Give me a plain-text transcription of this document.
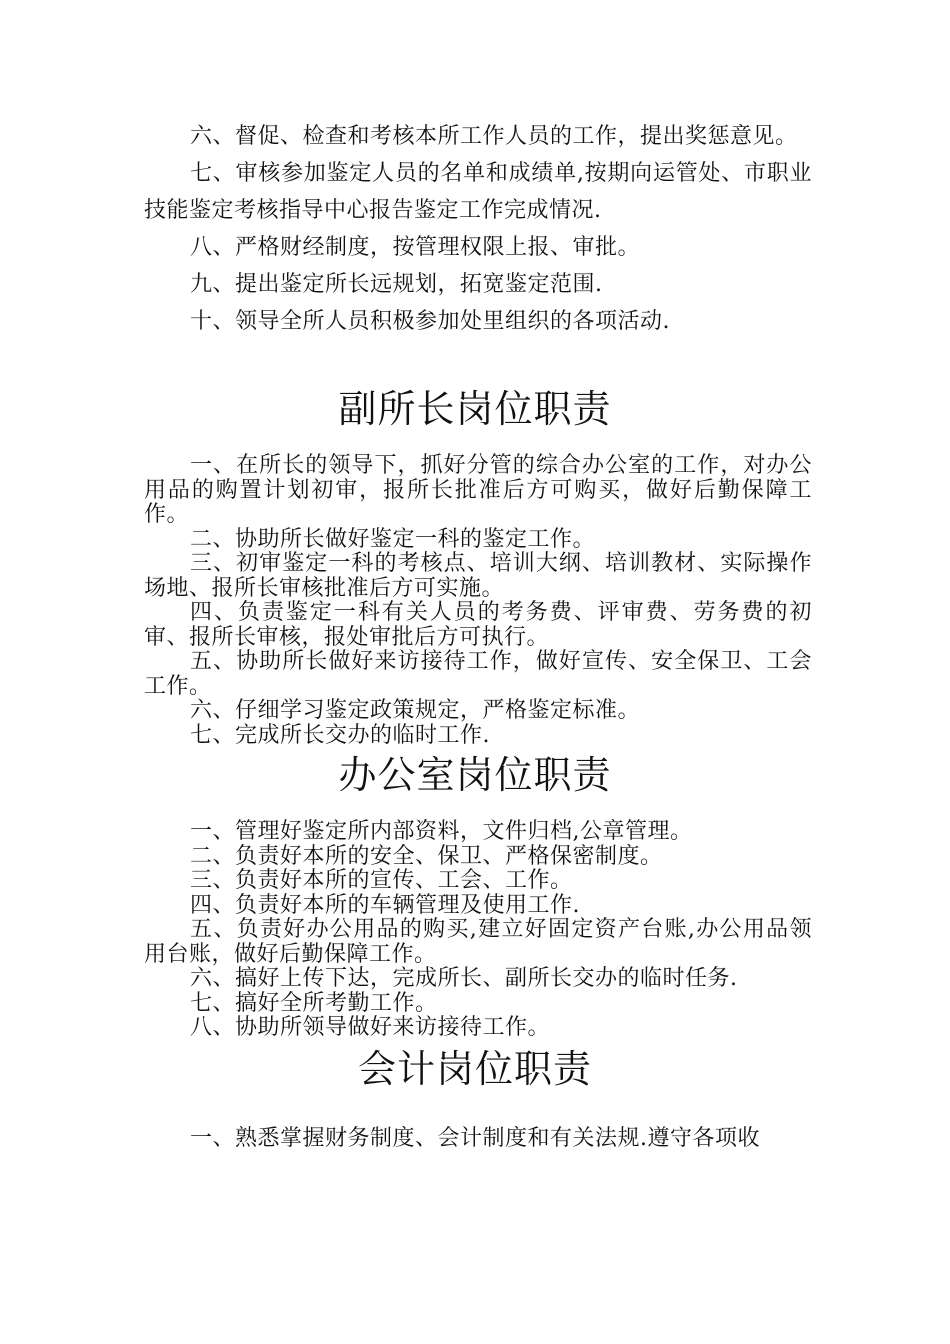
六、督促、检查和考核本所工作人员的工作，提出奖惩意见。

七、审核参加鉴定人员的名单和成绩单,按期向运管处、市职业技能鉴定考核指导中心报告鉴定工作完成情况.

八、严格财经制度，按管理权限上报、审批。

九、提出鉴定所长远规划，拓宽鉴定范围.

十、领导全所人员积极参加处里组织的各项活动.

副所长岗位职责

一、在所长的领导下，抓好分管的综合办公室的工作，对办公用品的购置计划初审，报所长批准后方可购买，做好后勤保障工作。

二、协助所长做好鉴定一科的鉴定工作。

三、初审鉴定一科的考核点、培训大纲、培训教材、实际操作场地、报所长审核批准后方可实施。

四、负责鉴定一科有关人员的考务费、评审费、劳务费的初审、报所长审核，报处审批后方可执行。

五、协助所长做好来访接待工作，做好宣传、安全保卫、工会工作。

六、仔细学习鉴定政策规定，严格鉴定标准。

七、完成所长交办的临时工作.

办公室岗位职责

一、管理好鉴定所内部资料，文件归档,公章管理。

二、负责好本所的安全、保卫、严格保密制度。

三、负责好本所的宣传、工会、工作。

四、负责好本所的车辆管理及使用工作.

五、负责好办公用品的购买,建立好固定资产台账,办公用品领用台账，做好后勤保障工作。

六、搞好上传下达，完成所长、副所长交办的临时任务.

七、搞好全所考勤工作。

八、协助所领导做好来访接待工作。

会计岗位职责

一、熟悉掌握财务制度、会计制度和有关法规.遵守各项收
